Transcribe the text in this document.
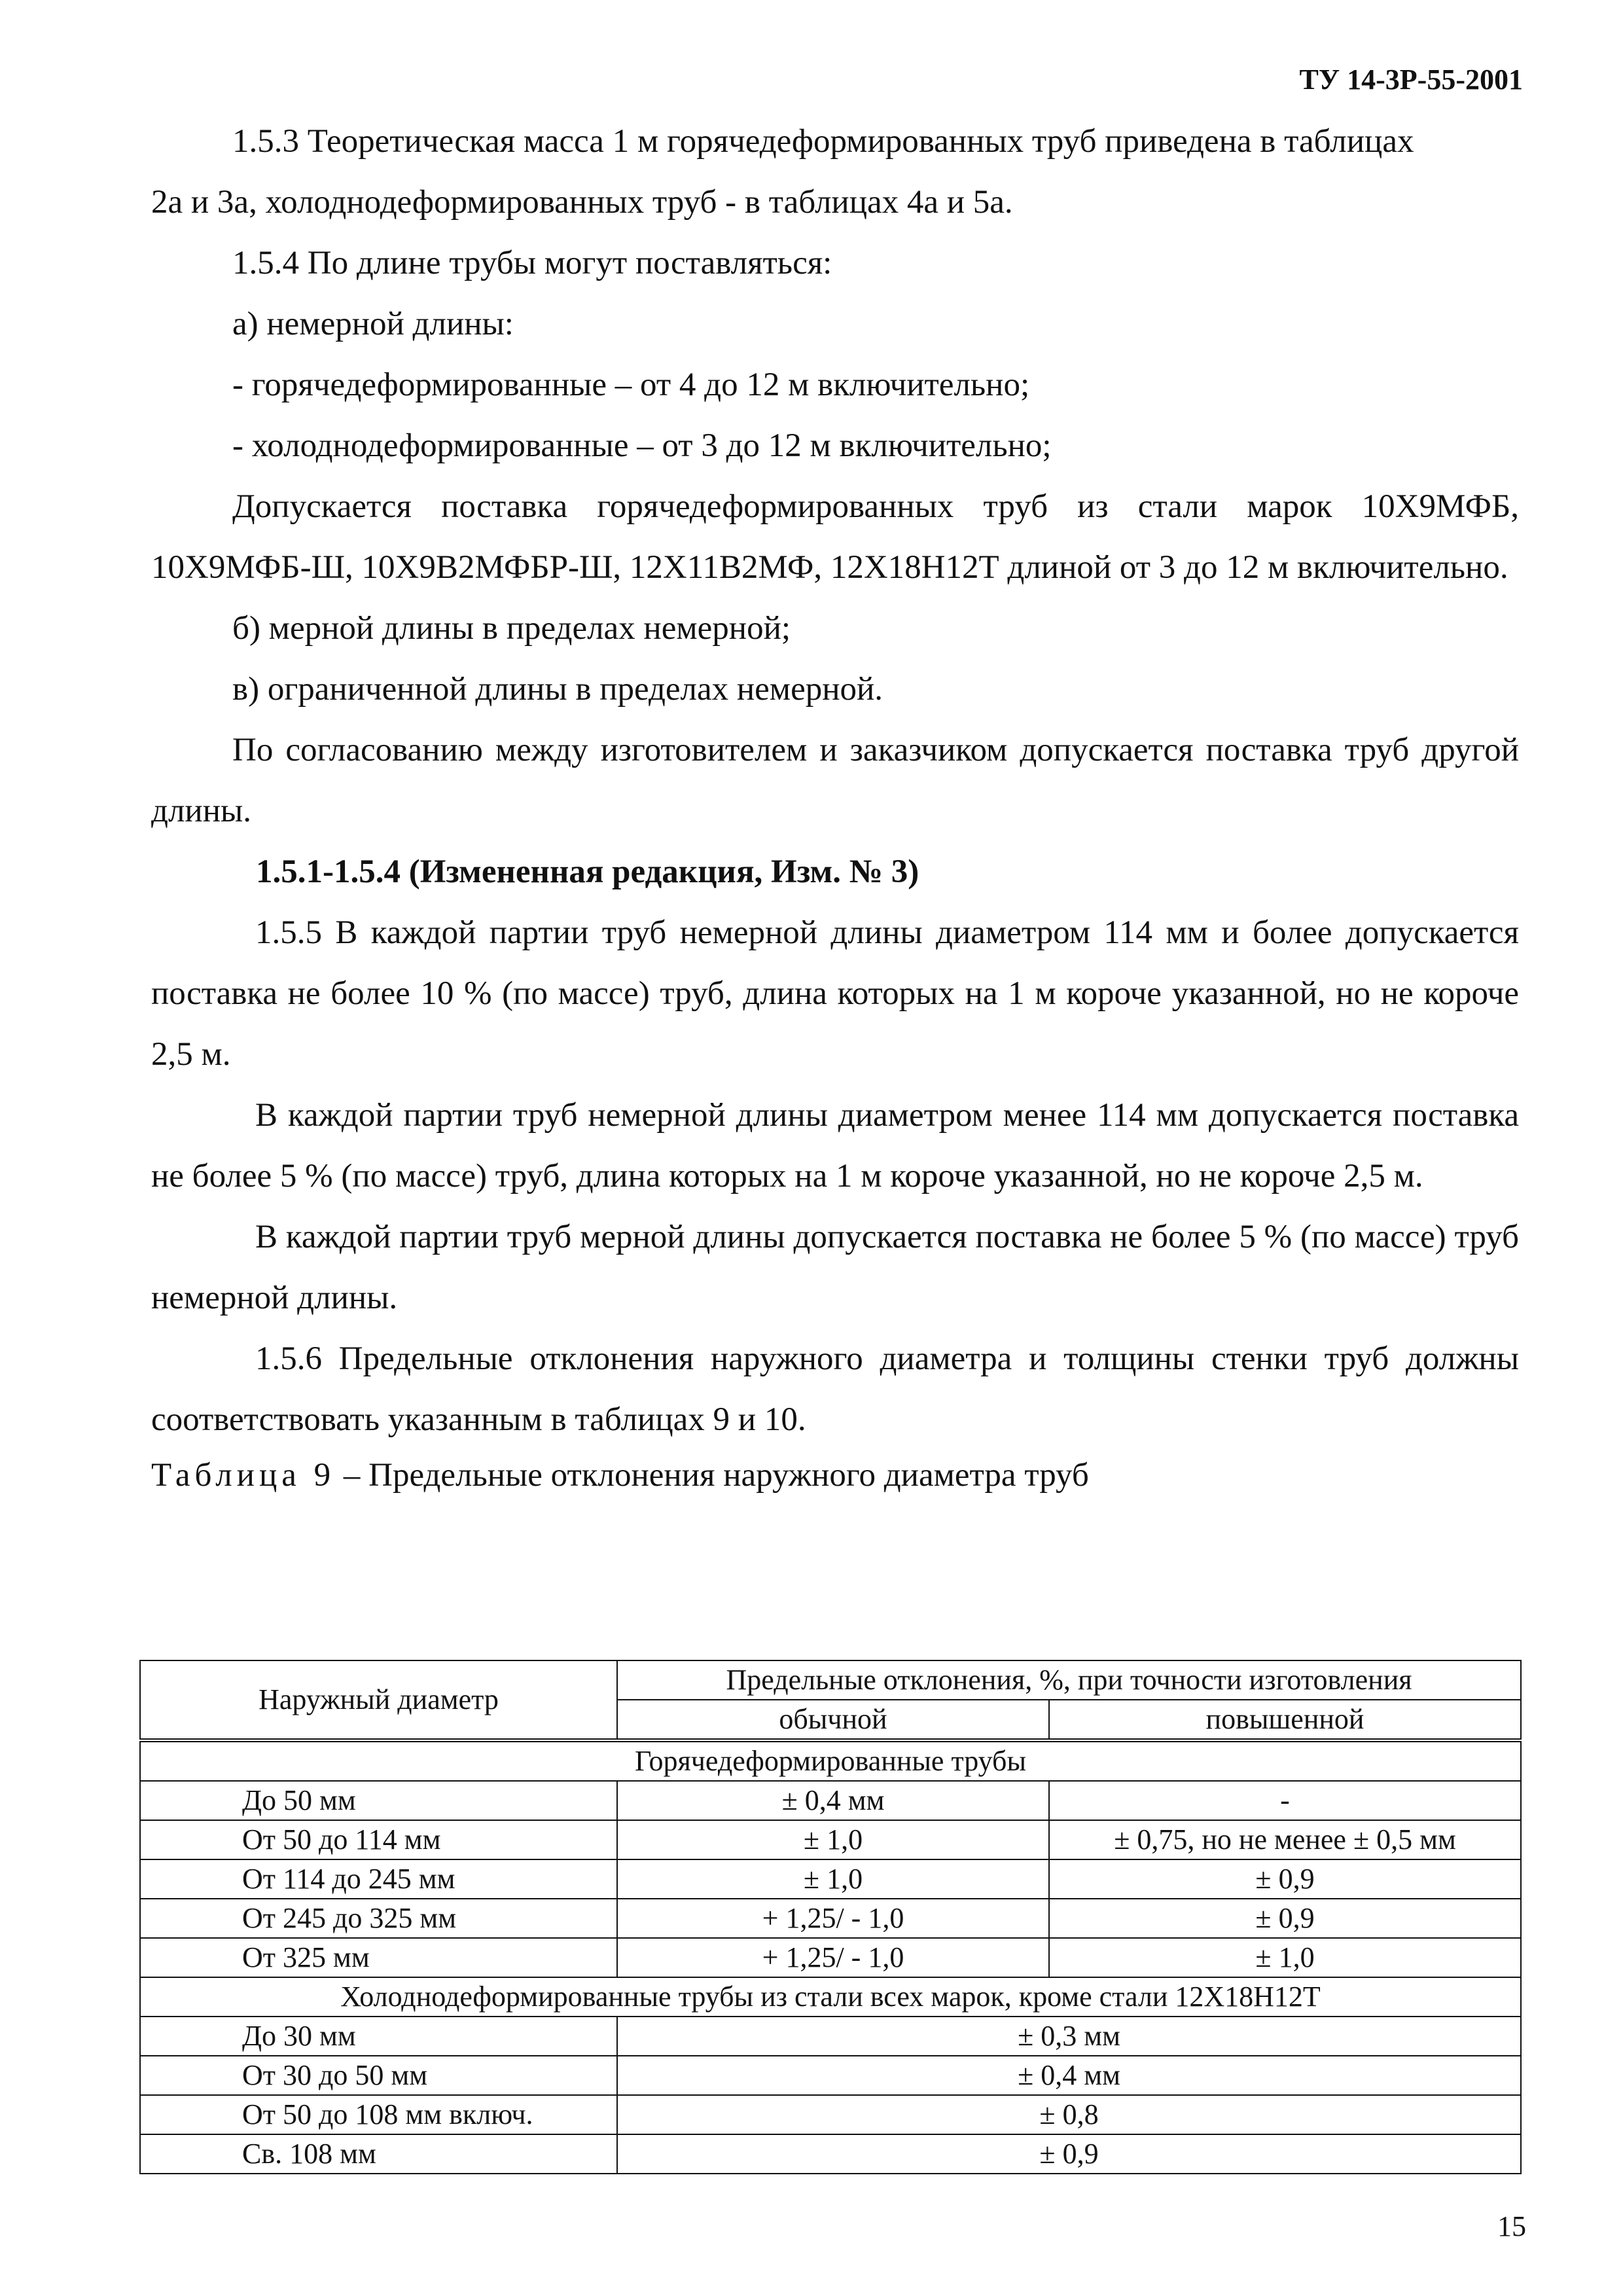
ТУ 14-3Р-55-2001

1.5.3 Теоретическая масса 1 м горячедеформированных труб приведена в таблицах

2а и 3а, холоднодеформированных труб - в таблицах 4а и 5а.

1.5.4 По длине трубы могут поставляться:

а) немерной длины:

- горячедеформированные – от 4 до 12 м включительно;

- холоднодеформированные – от 3 до 12 м включительно;

Допускается поставка горячедеформированных труб из стали марок 10Х9МФБ, 10Х9МФБ-Ш, 10Х9В2МФБР-Ш, 12Х11В2МФ, 12Х18Н12Т длиной от 3 до 12 м включительно.

б) мерной длины в пределах немерной;

в) ограниченной длины в пределах немерной.

По согласованию между изготовителем и заказчиком допускается поставка труб другой длины.

1.5.1-1.5.4 (Измененная редакция, Изм. № 3)

1.5.5 В каждой партии труб немерной длины диаметром 114 мм и более допускается поставка не более 10 % (по массе) труб, длина которых на 1 м короче указанной, но не короче 2,5 м.

В каждой партии труб немерной длины диаметром менее 114 мм допускается поставка не более 5 % (по массе) труб, длина которых на 1 м короче указанной, но не короче 2,5 м.

В каждой партии труб мерной длины допускается поставка не более 5 % (по массе) труб немерной длины.

1.5.6 Предельные отклонения наружного диаметра и толщины стенки труб должны соответствовать указанным в таблицах 9 и 10.

Таблица 9 – Предельные отклонения наружного диаметра труб

Наружный диаметр	Предельные отклонения, %, при точности изготовления	
	обычной	повышенной
Горячедеформированные трубы		
До 50 мм	± 0,4 мм	-
От 50 до 114 мм	± 1,0	± 0,75, но не менее ± 0,5 мм
От 114 до 245 мм	± 1,0	± 0,9
От 245 до 325 мм	+ 1,25/ - 1,0	± 0,9
От 325 мм	+ 1,25/ - 1,0	± 1,0
Холоднодеформированные трубы из стали всех марок, кроме стали 12Х18Н12Т		
До 30 мм	± 0,3 мм	
От 30 до 50 мм	± 0,4 мм	
От 50 до 108 мм включ.	± 0,8	
Св. 108 мм	± 0,9	
15
